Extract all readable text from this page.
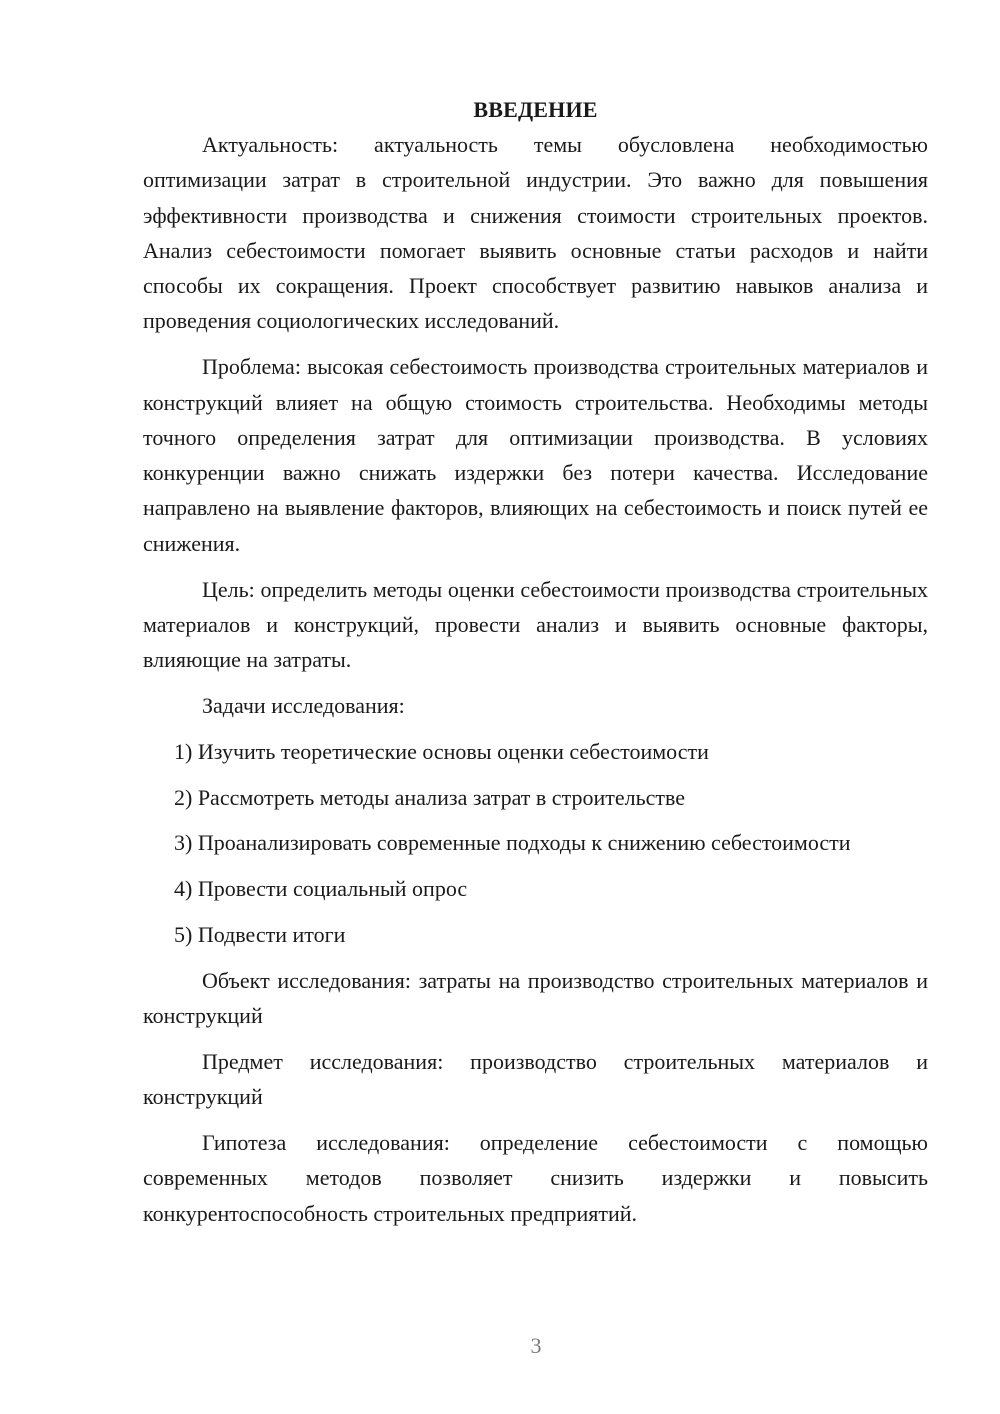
ВВЕДЕНИЕ

Актуальность: актуальность темы обусловлена необходимостью оптимизации затрат в строительной индустрии. Это важно для повышения эффективности производства и снижения стоимости строительных проектов. Анализ себестоимости помогает выявить основные статьи расходов и найти способы их сокращения. Проект способствует развитию навыков анализа и проведения социологических исследований.

Проблема: высокая себестоимость производства строительных материалов и конструкций влияет на общую стоимость строительства. Необходимы методы точного определения затрат для оптимизации производства. В условиях конкуренции важно снижать издержки без потери качества. Исследование направлено на выявление факторов, влияющих на себестоимость и поиск путей ее снижения.

Цель: определить методы оценки себестоимости производства строительных материалов и конструкций, провести анализ и выявить основные факторы, влияющие на затраты.

Задачи исследования:

1) Изучить теоретические основы оценки себестоимости

2) Рассмотреть методы анализа затрат в строительстве

3) Проанализировать современные подходы к снижению себестоимости

4) Провести социальный опрос

5) Подвести итоги

Объект исследования: затраты на производство строительных материалов и конструкций

Предмет исследования: производство строительных материалов и конструкций

Гипотеза исследования: определение себестоимости с помощью современных методов позволяет снизить издержки и повысить конкурентоспособность строительных предприятий.

3
